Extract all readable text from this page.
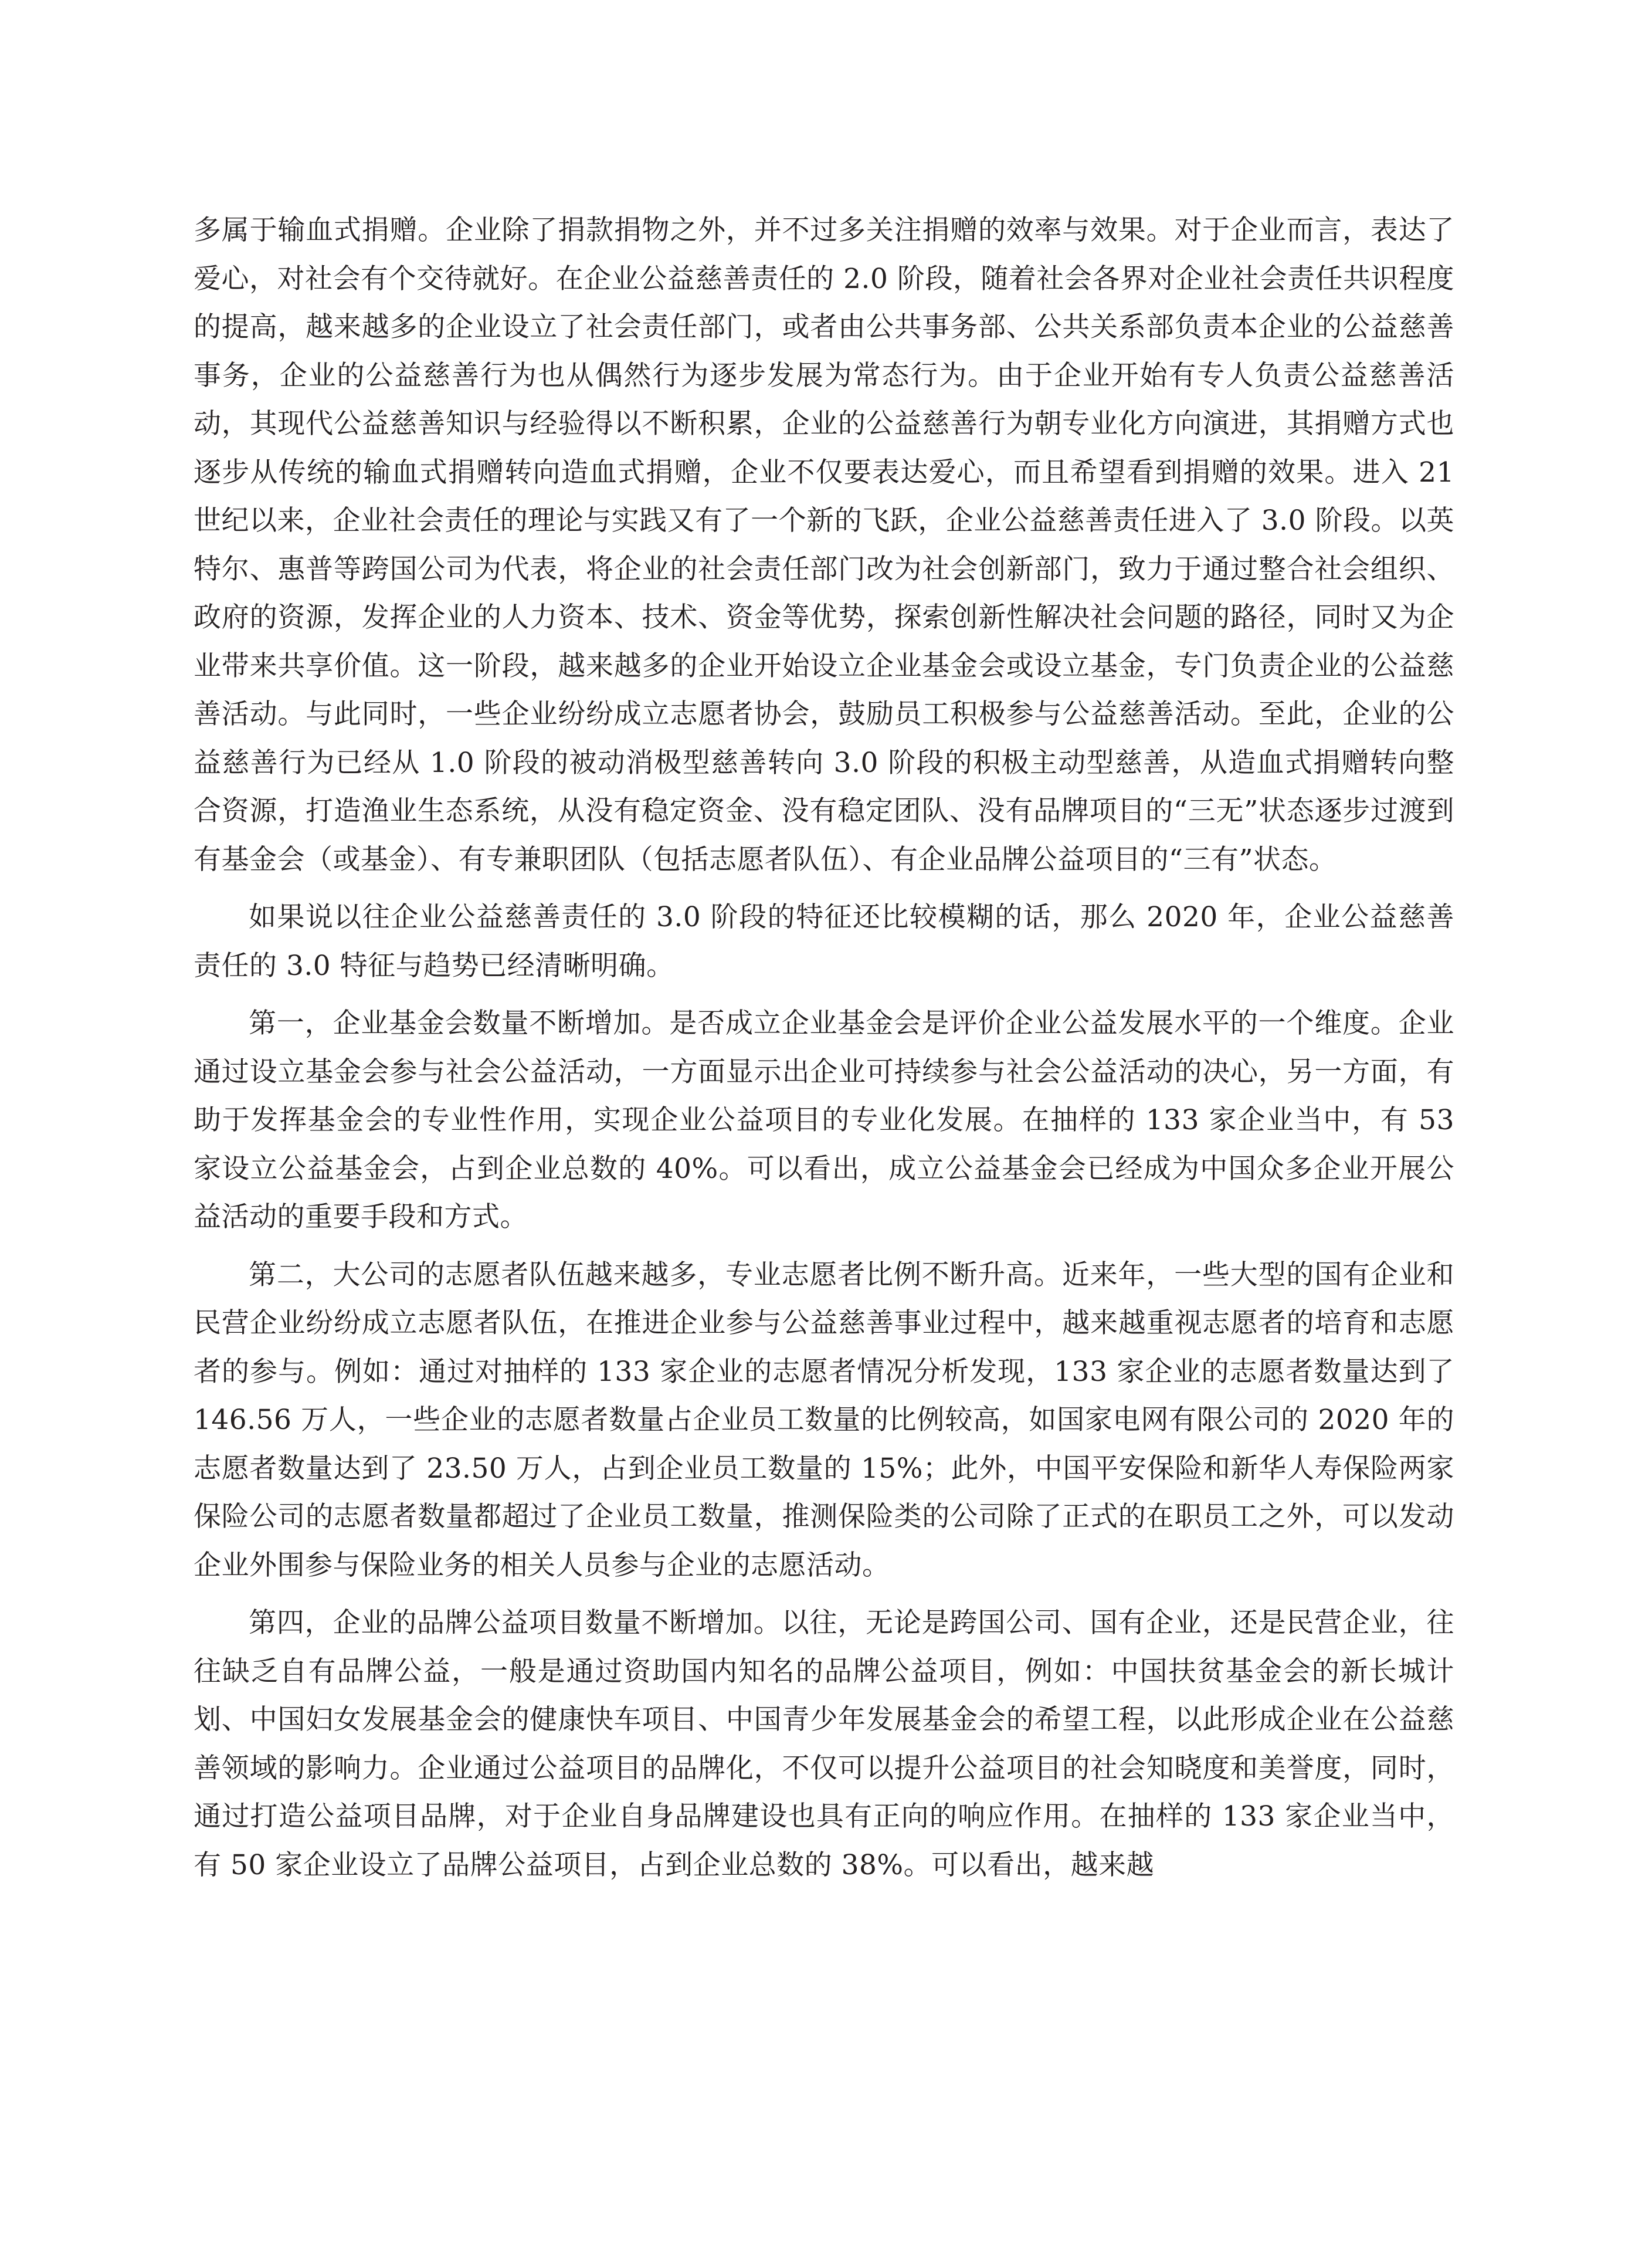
多属于输血式捐赠。企业除了捐款捐物之外，并不过多关注捐赠的效率与效果。对于企业而言，表达了爱心，对社会有个交待就好。在企业公益慈善责任的 2.0 阶段，随着社会各界对企业社会责任共识程度的提高，越来越多的企业设立了社会责任部门，或者由公共事务部、公共关系部负责本企业的公益慈善事务，企业的公益慈善行为也从偶然行为逐步发展为常态行为。由于企业开始有专人负责公益慈善活动，其现代公益慈善知识与经验得以不断积累，企业的公益慈善行为朝专业化方向演进，其捐赠方式也逐步从传统的输血式捐赠转向造血式捐赠，企业不仅要表达爱心，而且希望看到捐赠的效果。进入 21 世纪以来，企业社会责任的理论与实践又有了一个新的飞跃，企业公益慈善责任进入了 3.0 阶段。以英特尔、惠普等跨国公司为代表，将企业的社会责任部门改为社会创新部门，致力于通过整合社会组织、政府的资源，发挥企业的人力资本、技术、资金等优势，探索创新性解决社会问题的路径，同时又为企业带来共享价值。这一阶段，越来越多的企业开始设立企业基金会或设立基金，专门负责企业的公益慈善活动。与此同时，一些企业纷纷成立志愿者协会，鼓励员工积极参与公益慈善活动。至此，企业的公益慈善行为已经从 1.0 阶段的被动消极型慈善转向 3.0 阶段的积极主动型慈善，从造血式捐赠转向整合资源，打造渔业生态系统，从没有稳定资金、没有稳定团队、没有品牌项目的“三无”状态逐步过渡到有基金会（或基金）、有专兼职团队（包括志愿者队伍）、有企业品牌公益项目的“三有”状态。

如果说以往企业公益慈善责任的 3.0 阶段的特征还比较模糊的话，那么 2020 年，企业公益慈善责任的 3.0 特征与趋势已经清晰明确。

第一，企业基金会数量不断增加。是否成立企业基金会是评价企业公益发展水平的一个维度。企业通过设立基金会参与社会公益活动，一方面显示出企业可持续参与社会公益活动的决心，另一方面，有助于发挥基金会的专业性作用，实现企业公益项目的专业化发展。在抽样的 133 家企业当中，有 53 家设立公益基金会，占到企业总数的 40%。可以看出，成立公益基金会已经成为中国众多企业开展公益活动的重要手段和方式。

第二，大公司的志愿者队伍越来越多，专业志愿者比例不断升高。近来年，一些大型的国有企业和民营企业纷纷成立志愿者队伍，在推进企业参与公益慈善事业过程中，越来越重视志愿者的培育和志愿者的参与。例如：通过对抽样的 133 家企业的志愿者情况分析发现，133 家企业的志愿者数量达到了 146.56 万人，一些企业的志愿者数量占企业员工数量的比例较高，如国家电网有限公司的 2020 年的志愿者数量达到了 23.50 万人，占到企业员工数量的 15%；此外，中国平安保险和新华人寿保险两家保险公司的志愿者数量都超过了企业员工数量，推测保险类的公司除了正式的在职员工之外，可以发动企业外围参与保险业务的相关人员参与企业的志愿活动。

第四，企业的品牌公益项目数量不断增加。以往，无论是跨国公司、国有企业，还是民营企业，往往缺乏自有品牌公益，一般是通过资助国内知名的品牌公益项目，例如：中国扶贫基金会的新长城计划、中国妇女发展基金会的健康快车项目、中国青少年发展基金会的希望工程，以此形成企业在公益慈善领域的影响力。企业通过公益项目的品牌化，不仅可以提升公益项目的社会知晓度和美誉度，同时，通过打造公益项目品牌，对于企业自身品牌建设也具有正向的响应作用。在抽样的 133 家企业当中，有 50 家企业设立了品牌公益项目，占到企业总数的 38%。可以看出，越来越
